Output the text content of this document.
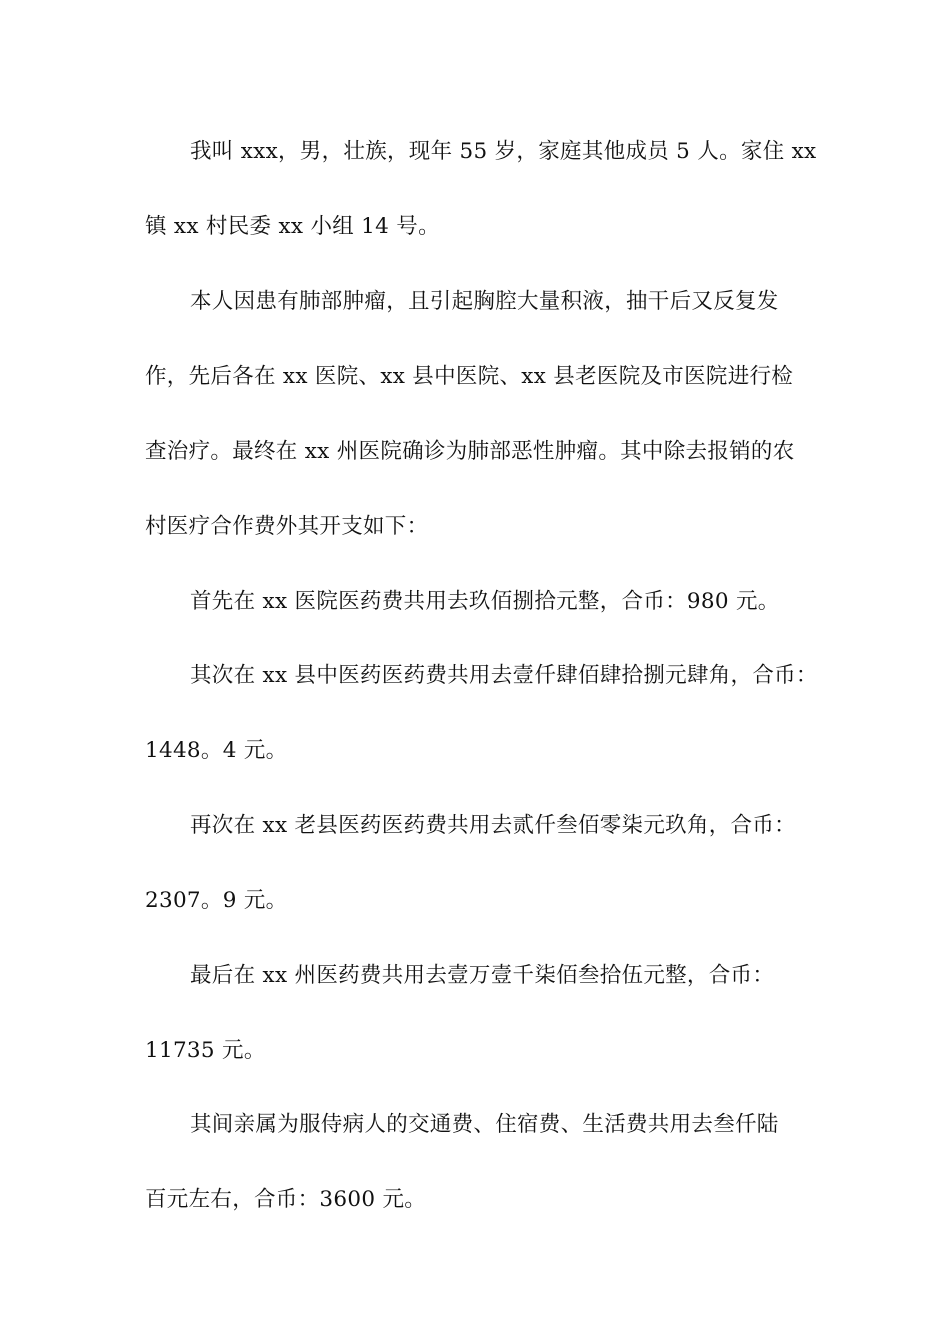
我叫 xxx，男，壮族，现年 55 岁，家庭其他成员 5 人。家住 xx
镇 xx 村民委 xx 小组 14 号。
本人因患有肺部肿瘤，且引起胸腔大量积液，抽干后又反复发
作，先后各在 xx 医院、xx 县中医院、xx 县老医院及市医院进行检
查治疗。最终在 xx 州医院确诊为肺部恶性肿瘤。其中除去报销的农
村医疗合作费外其开支如下：
首先在 xx 医院医药费共用去玖佰捌拾元整，合币：980 元。
其次在 xx 县中医药医药费共用去壹仟肆佰肆拾捌元肆角，合币：
1448。4 元。
再次在 xx 老县医药医药费共用去贰仟叁佰零柒元玖角，合币：
2307。9 元。
最后在 xx 州医药费共用去壹万壹千柒佰叁拾伍元整，合币：
11735 元。
其间亲属为服侍病人的交通费、住宿费、生活费共用去叁仟陆
百元左右，合币：3600 元。
